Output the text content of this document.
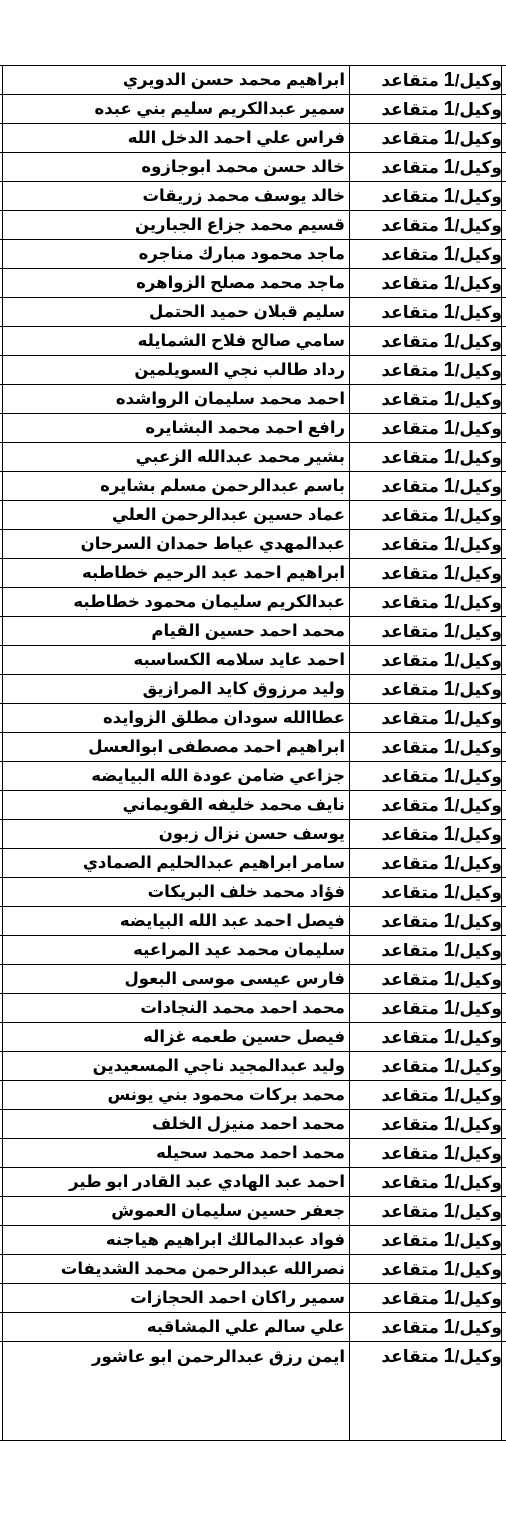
وكيل/1 متقاعد
ابراهيم محمد حسن الدويري
وكيل/1 متقاعد
سمير عبدالكريم سليم بني عبده
وكيل/1 متقاعد
فراس علي احمد الدخل الله
وكيل/1 متقاعد
خالد حسن محمد ابوجازوه
وكيل/1 متقاعد
خالد يوسف محمد زريقات
وكيل/1 متقاعد
قسيم محمد جزاع الجبارين
وكيل/1 متقاعد
ماجد محمود مبارك مناجره
وكيل/1 متقاعد
ماجد محمد مصلح الزواهره
وكيل/1 متقاعد
سليم قبلان حميد الحتمل
وكيل/1 متقاعد
سامي صالح فلاح الشمايله
وكيل/1 متقاعد
رداد طالب نجي السويلمين
وكيل/1 متقاعد
احمد محمد سليمان الرواشده
وكيل/1 متقاعد
رافع احمد محمد البشايره
وكيل/1 متقاعد
بشير محمد عبدالله الزعبي
وكيل/1 متقاعد
باسم عبدالرحمن مسلم بشايره
وكيل/1 متقاعد
عماد حسين عبدالرحمن العلي
وكيل/1 متقاعد
عبدالمهدي عياط حمدان السرحان
وكيل/1 متقاعد
ابراهيم احمد عبد الرحيم خطاطبه
وكيل/1 متقاعد
عبدالكريم سليمان محمود خطاطبه
وكيل/1 متقاعد
محمد احمد حسين القيام
وكيل/1 متقاعد
احمد عايد سلامه الكساسبه
وكيل/1 متقاعد
وليد مرزوق كايد المرازيق
وكيل/1 متقاعد
عطاالله سودان مطلق الزوايده
وكيل/1 متقاعد
ابراهيم احمد مصطفى ابوالعسل
وكيل/1 متقاعد
جزاعي ضامن عودة الله البيايضه
وكيل/1 متقاعد
نايف محمد خليفه القويماني
وكيل/1 متقاعد
يوسف حسن نزال زبون
وكيل/1 متقاعد
سامر ابراهيم عبدالحليم الصمادي
وكيل/1 متقاعد
فؤاد محمد خلف البريكات
وكيل/1 متقاعد
فيصل احمد عبد الله البيايضه
وكيل/1 متقاعد
سليمان محمد عيد المراعيه
وكيل/1 متقاعد
فارس عيسى موسى البعول
وكيل/1 متقاعد
محمد احمد محمد النجادات
وكيل/1 متقاعد
فيصل حسين طعمه غزاله
وكيل/1 متقاعد
وليد عبدالمجيد ناجي المسعيدين
وكيل/1 متقاعد
محمد بركات محمود بني يونس
وكيل/1 متقاعد
محمد احمد منيزل الخلف
وكيل/1 متقاعد
محمد احمد محمد سحيله
وكيل/1 متقاعد
احمد عبد الهادي عبد القادر ابو طير
وكيل/1 متقاعد
جعفر حسين سليمان العموش
وكيل/1 متقاعد
فواد عبدالمالك ابراهيم هياجنه
وكيل/1 متقاعد
نصرالله عبدالرحمن محمد الشديفات
وكيل/1 متقاعد
سمير راكان احمد الحجازات
وكيل/1 متقاعد
علي سالم علي المشاقبه
وكيل/1 متقاعد
ايمن رزق عبدالرحمن ابو عاشور
